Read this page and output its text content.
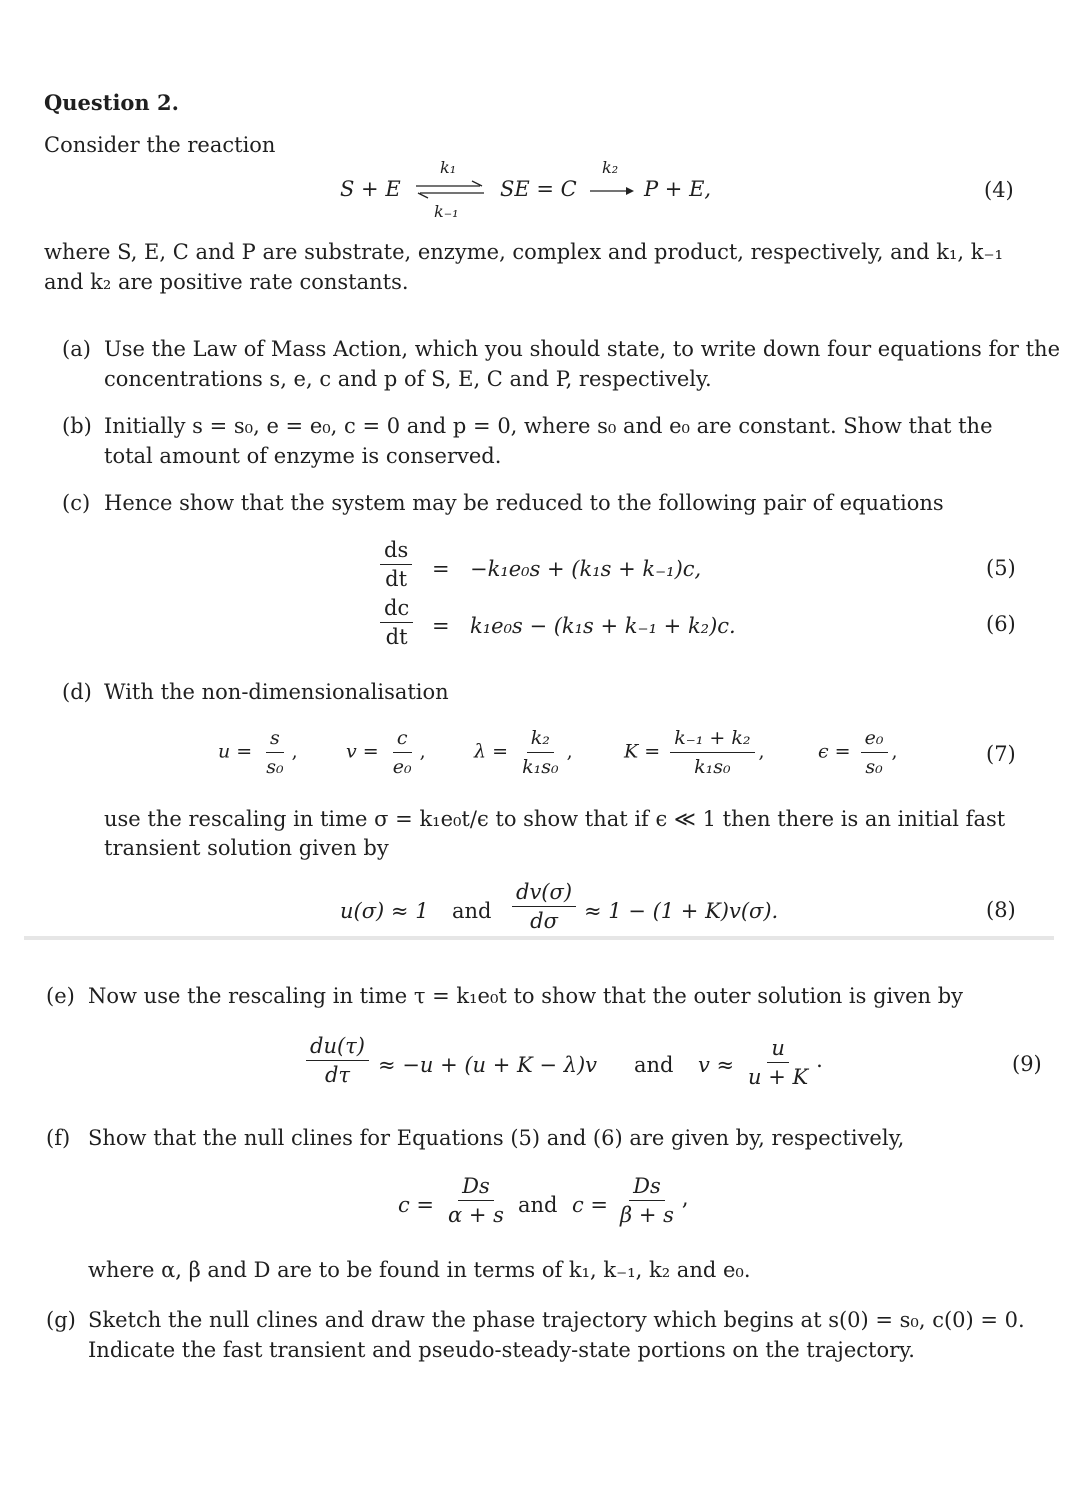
Question 2.
Consider the reaction
S + E
k₁
k₋₁
SE = C
k₂
P + E,	(4)
where S, E, C and P are substrate, enzyme, complex and product, respectively, and k₁, k₋₁
and k₂ are positive rate constants.
(a) Use the Law of Mass Action, which you should state, to write down four equations for the
concentrations s, e, c and p of S, E, C and P, respectively.
(b) Initially s = s₀, e = e₀, c = 0 and p = 0, where s₀ and e₀ are constant. Show that the
total amount of enzyme is conserved.
(c) Hence show that the system may be reduced to the following pair of equations
$\frac{ds}{dt} = -k_1e_0s + (k_1s + k_{-1})c$,	(5)
$\frac{dc}{dt} = k_1e_0s - (k_1s + k_{-1} + k_2)c$.	(6)
(d) With the non-dimensionalisation
$u = \frac{s}{\text{s₀}}$ ,	$v = \frac{c}{\text{e₀}}$ ,	$\lambda = \frac{\text{k₂}}{\text{k₁s₀}}$ ,	$K = \frac{\text{k₋₁ + k₂}}{\text{k₁s₀}}$ ,	$\epsilon = \frac{\text{e₀}}{\text{s₀}}$ ,	(7)
use the rescaling in time σ = k₁e₀t/ϵ to show that if ϵ ≪ 1 then there is an initial fast
transient solution given by
u(σ) ≈ 1 and $\frac{dv(\sigma)}{d\sigma} \approx 1 - (1 + K)v(\sigma)$.	(8)
(e) Now use the rescaling in time τ = k₁e₀t to show that the outer solution is given by
$\frac{du(\tau)}{d\tau} \approx -u + (u + K - \lambda)v$ and $v \approx \frac{u}{u + K}$ .	(9)
(f) Show that the null clines for Equations (5) and (6) are given by, respectively,
$c = \frac{Ds}{\alpha + s}$ and $c = \frac{Ds}{\beta + s}$ ,
where α, β and D are to be found in terms of k₁, k₋₁, k₂ and e₀.
(g) Sketch the null clines and draw the phase trajectory which begins at s(0) = s₀, c(0) = 0.
Indicate the fast transient and pseudo-steady-state portions on the trajectory.
